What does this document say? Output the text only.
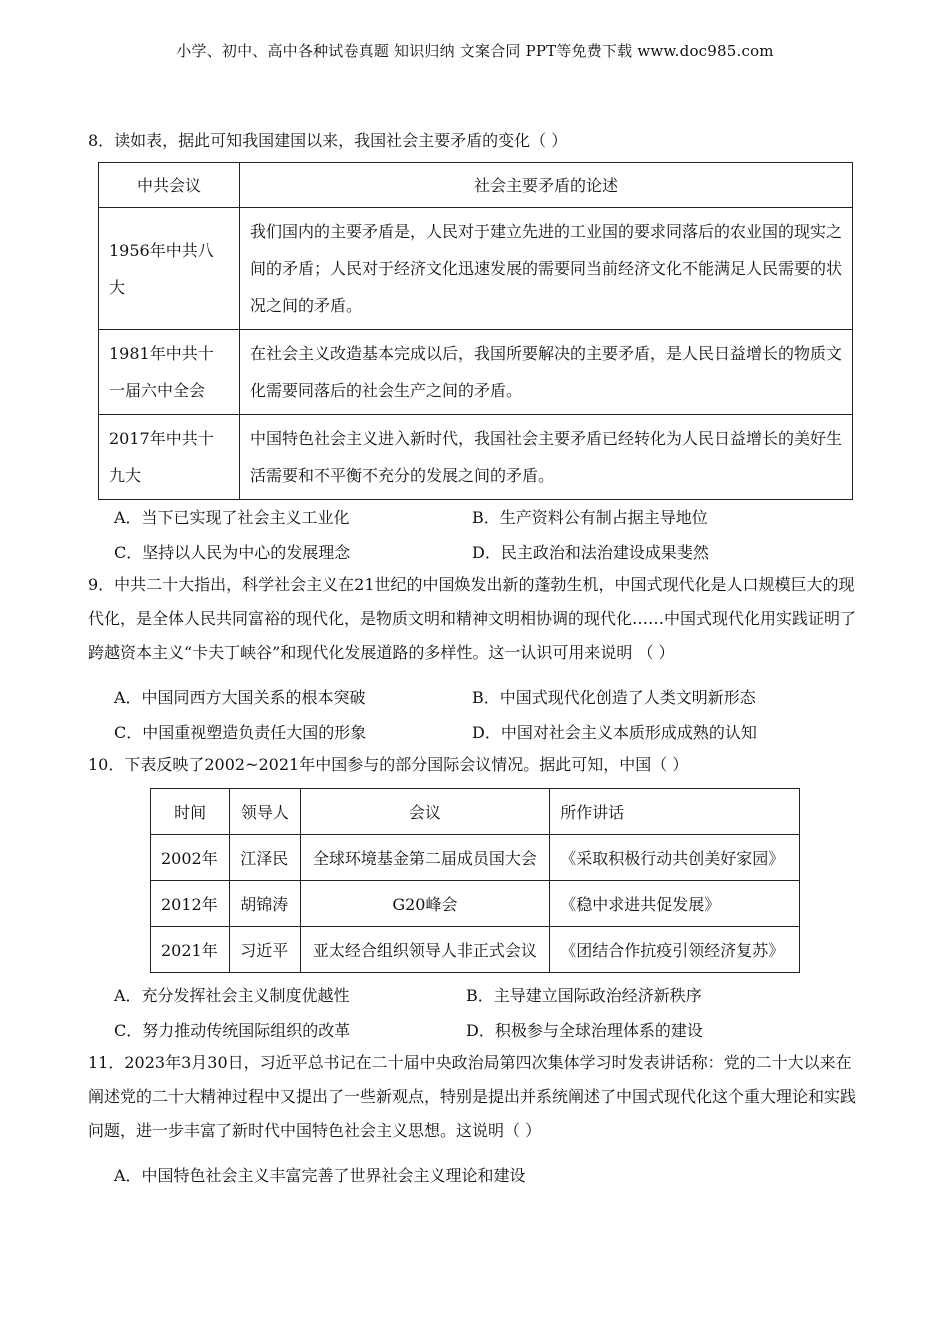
小学、初中、高中各种试卷真题 知识归纳 文案合同 PPT等免费下载 www.doc985.com
8．读如表，据此可知我国建国以来，我国社会主要矛盾的变化（ ）
中共会议	社会主要矛盾的论述
1956年中共八大	我们国内的主要矛盾是，人民对于建立先进的工业国的要求同落后的农业国的现实之间的矛盾；人民对于经济文化迅速发展的需要同当前经济文化不能满足人民需要的状况之间的矛盾。
1981年中共十一届六中全会	在社会主义改造基本完成以后，我国所要解决的主要矛盾，是人民日益增长的物质文化需要同落后的社会生产之间的矛盾。
2017年中共十九大	中国特色社会主义进入新时代，我国社会主要矛盾已经转化为人民日益增长的美好生活需要和不平衡不充分的发展之间的矛盾。
A．当下已实现了社会主义工业化	B．生产资料公有制占据主导地位
C．坚持以人民为中心的发展理念	D．民主政治和法治建设成果斐然
9．中共二十大指出，科学社会主义在21世纪的中国焕发出新的蓬勃生机，中国式现代化是人口规模巨大的现代化，是全体人民共同富裕的现代化，是物质文明和精神文明相协调的现代化……中国式现代化用实践证明了跨越资本主义“卡夫丁峡谷”和现代化发展道路的多样性。这一认识可用来说明 （ ）
A．中国同西方大国关系的根本突破	B．中国式现代化创造了人类文明新形态
C．中国重视塑造负责任大国的形象	D．中国对社会主义本质形成成熟的认知
10．下表反映了2002~2021年中国参与的部分国际会议情况。据此可知，中国（ ）
时间	领导人	会议	所作讲话
2002年	江泽民	全球环境基金第二届成员国大会	《采取积极行动共创美好家园》
2012年	胡锦涛	G20峰会	《稳中求进共促发展》
2021年	习近平	亚太经合组织领导人非正式会议	《团结合作抗疫引领经济复苏》
A．充分发挥社会主义制度优越性	B．主导建立国际政治经济新秩序
C．努力推动传统国际组织的改革	D．积极参与全球治理体系的建设
11．2023年3月30日，习近平总书记在二十届中央政治局第四次集体学习时发表讲话称：党的二十大以来在阐述党的二十大精神过程中又提出了一些新观点，特别是提出并系统阐述了中国式现代化这个重大理论和实践问题，进一步丰富了新时代中国特色社会主义思想。这说明（ ）
A．中国特色社会主义丰富完善了世界社会主义理论和建设
